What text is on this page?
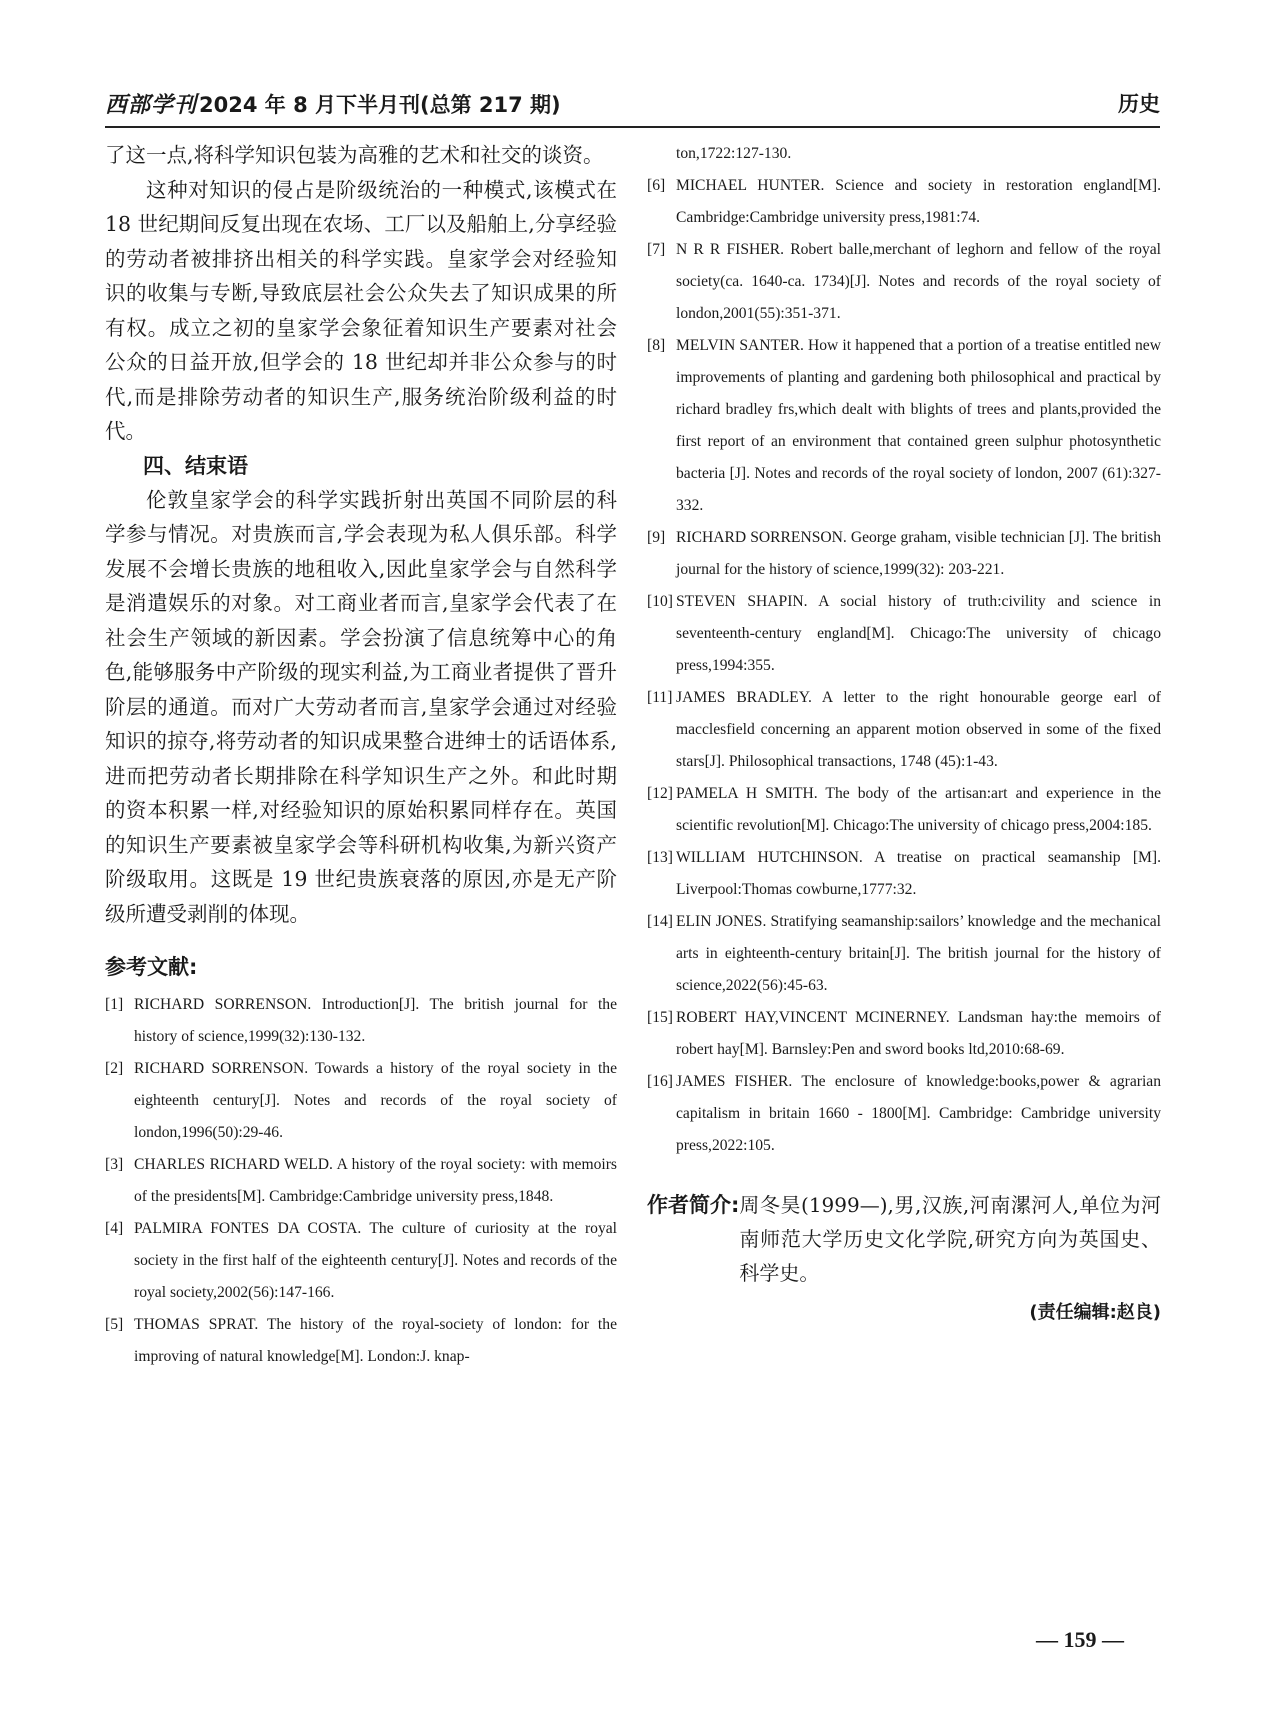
西部学刊 2024 年 8 月下半月刊(总第 217 期)	历史

了这一点,将科学知识包装为高雅的艺术和社交的谈资。

这种对知识的侵占是阶级统治的一种模式,该模式在 18 世纪期间反复出现在农场、工厂以及船舶上,分享经验的劳动者被排挤出相关的科学实践。皇家学会对经验知识的收集与专断,导致底层社会公众失去了知识成果的所有权。成立之初的皇家学会象征着知识生产要素对社会公众的日益开放,但学会的 18 世纪却并非公众参与的时代,而是排除劳动者的知识生产,服务统治阶级利益的时代。

四、结束语

伦敦皇家学会的科学实践折射出英国不同阶层的科学参与情况。对贵族而言,学会表现为私人俱乐部。科学发展不会增长贵族的地租收入,因此皇家学会与自然科学是消遣娱乐的对象。对工商业者而言,皇家学会代表了在社会生产领域的新因素。学会扮演了信息统筹中心的角色,能够服务中产阶级的现实利益,为工商业者提供了晋升阶层的通道。而对广大劳动者而言,皇家学会通过对经验知识的掠夺,将劳动者的知识成果整合进绅士的话语体系,进而把劳动者长期排除在科学知识生产之外。和此时期的资本积累一样,对经验知识的原始积累同样存在。英国的知识生产要素被皇家学会等科研机构收集,为新兴资产阶级取用。这既是 19 世纪贵族衰落的原因,亦是无产阶级所遭受剥削的体现。

参考文献:

[1] RICHARD SORRENSON. Introduction[J]. The british journal for the history of science,1999(32):130-132.

[2] RICHARD SORRENSON. Towards a history of the royal society in the eighteenth century[J]. Notes and records of the royal society of london,1996(50):29-46.

[3] CHARLES RICHARD WELD. A history of the royal society: with memoirs of the presidents[M]. Cambridge:Cambridge university press,1848.

[4] PALMIRA FONTES DA COSTA. The culture of curiosity at the royal society in the first half of the eighteenth century[J]. Notes and records of the royal society,2002(56):147-166.

[5] THOMAS SPRAT. The history of the royal-society of london: for the improving of natural knowledge[M]. London:J. knap-

ton,1722:127-130.

[6] MICHAEL HUNTER. Science and society in restoration england[M]. Cambridge:Cambridge university press,1981:74.

[7] N R R FISHER. Robert balle,merchant of leghorn and fellow of the royal society(ca. 1640-ca. 1734)[J]. Notes and records of the royal society of london,2001(55):351-371.

[8] MELVIN SANTER. How it happened that a portion of a treatise entitled new improvements of planting and gardening both philosophical and practical by richard bradley frs,which dealt with blights of trees and plants,provided the first report of an environment that contained green sulphur photosynthetic bacteria [J]. Notes and records of the royal society of london, 2007 (61):327-332.

[9] RICHARD SORRENSON. George graham, visible technician [J]. The british journal for the history of science,1999(32): 203-221.

[10] STEVEN SHAPIN. A social history of truth:civility and science in seventeenth-century england[M]. Chicago:The university of chicago press,1994:355.

[11] JAMES BRADLEY. A letter to the right honourable george earl of macclesfield concerning an apparent motion observed in some of the fixed stars[J]. Philosophical transactions, 1748 (45):1-43.

[12] PAMELA H SMITH. The body of the artisan:art and experience in the scientific revolution[M]. Chicago:The university of chicago press,2004:185.

[13] WILLIAM HUTCHINSON. A treatise on practical seamanship [M]. Liverpool:Thomas cowburne,1777:32.

[14] ELIN JONES. Stratifying seamanship:sailors’ knowledge and the mechanical arts in eighteenth-century britain[J]. The british journal for the history of science,2022(56):45-63.

[15] ROBERT HAY,VINCENT MCINERNEY. Landsman hay:the memoirs of robert hay[M]. Barnsley:Pen and sword books ltd,2010:68-69.

[16] JAMES FISHER. The enclosure of knowledge:books,power & agrarian capitalism in britain 1660 - 1800[M]. Cambridge: Cambridge university press,2022:105.

作者简介: 周冬昊(1999—),男,汉族,河南漯河人,单位为河南师范大学历史文化学院,研究方向为英国史、科学史。

(责任编辑:赵良)
— 159 —
